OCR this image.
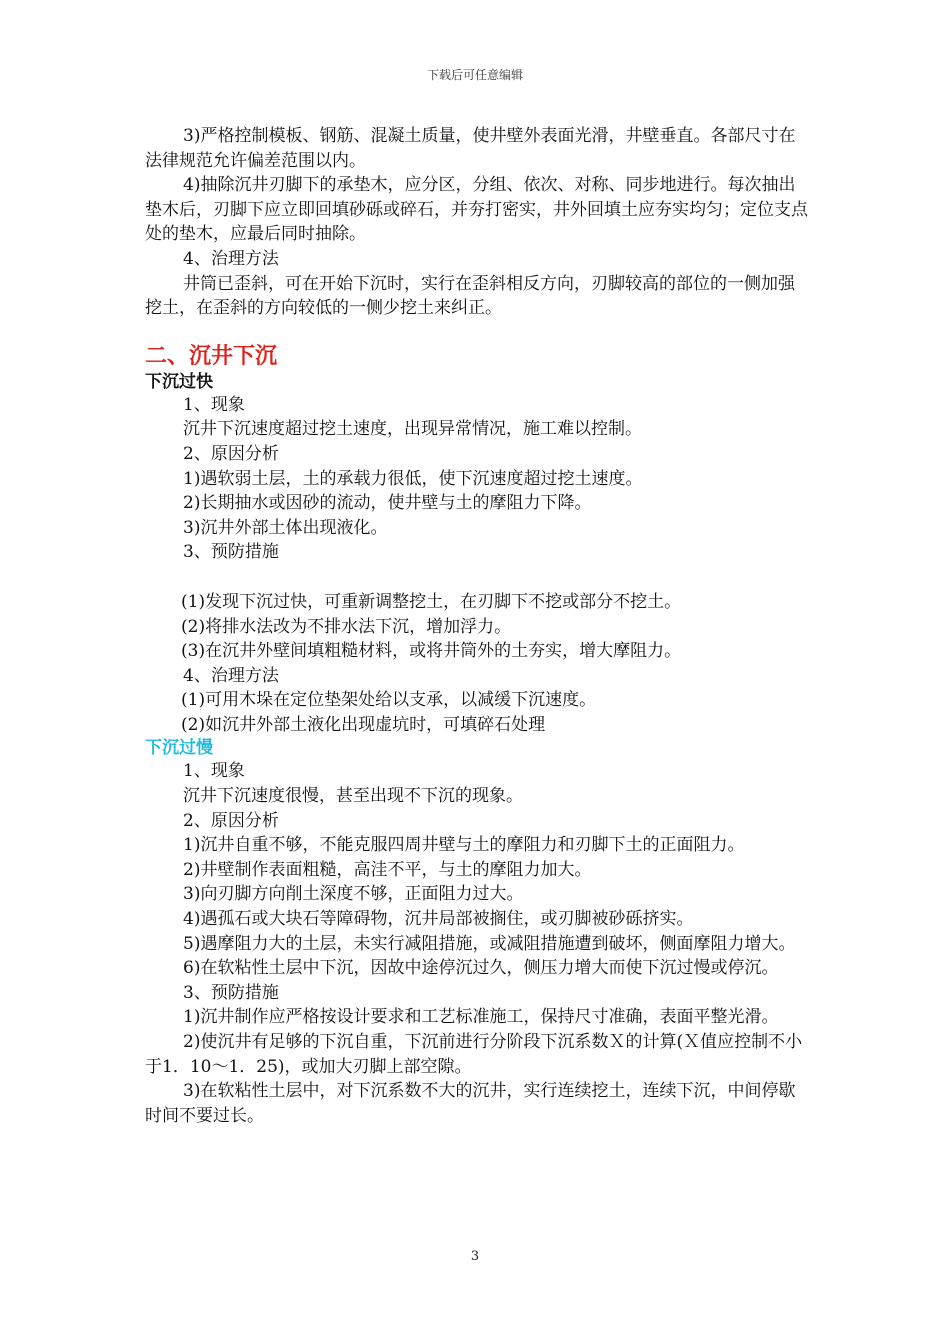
下载后可任意编辑

3)严格控制模板、钢筋、混凝土质量，使井壁外表面光滑，井壁垂直。各部尺寸在法律规范允许偏差范围以内。

4)抽除沉井刃脚下的承垫木，应分区，分组、依次、对称、同步地进行。每次抽出垫木后，刃脚下应立即回填砂砾或碎石，并夯打密实，井外回填土应夯实均匀；定位支点处的垫木，应最后同时抽除。

4、治理方法

井筒已歪斜，可在开始下沉时，实行在歪斜相反方向，刃脚较高的部位的一侧加强挖土，在歪斜的方向较低的一侧少挖土来纠正。

二、沉井下沉
下沉过快

1、现象

沉井下沉速度超过挖土速度，出现异常情况，施工难以控制。

2、原因分析

1)遇软弱土层，土的承载力很低，使下沉速度超过挖土速度。

2)长期抽水或因砂的流动，使井壁与土的摩阻力下降。

3)沉井外部土体出现液化。

3、预防措施

(1)发现下沉过快，可重新调整挖土，在刃脚下不挖或部分不挖土。

(2)将排水法改为不排水法下沉，增加浮力。

(3)在沉井外壁间填粗糙材料，或将井筒外的土夯实，增大摩阻力。

4、治理方法

(1)可用木垛在定位垫架处给以支承，以减缓下沉速度。

(2)如沉井外部土液化出现虚坑时，可填碎石处理

下沉过慢

1、现象

沉井下沉速度很慢，甚至出现不下沉的现象。

2、原因分析

1)沉井自重不够，不能克服四周井壁与土的摩阻力和刃脚下土的正面阻力。

2)井壁制作表面粗糙，高洼不平，与土的摩阻力加大。

3)向刃脚方向削土深度不够，正面阻力过大。

4)遇孤石或大块石等障碍物，沉井局部被搁住，或刃脚被砂砾挤实。

5)遇摩阻力大的土层，未实行减阻措施，或减阻措施遭到破坏，侧面摩阻力增大。

6)在软粘性土层中下沉，因故中途停沉过久，侧压力增大而使下沉过慢或停沉。

3、预防措施

1)沉井制作应严格按设计要求和工艺标准施工，保持尺寸准确，表面平整光滑。

2)使沉井有足够的下沉自重，下沉前进行分阶段下沉系数Ｘ的计算(Ｘ值应控制不小于1．10～1．25)，或加大刃脚上部空隙。

3)在软粘性土层中，对下沉系数不大的沉井，实行连续挖土，连续下沉，中间停歇时间不要过长。

3
